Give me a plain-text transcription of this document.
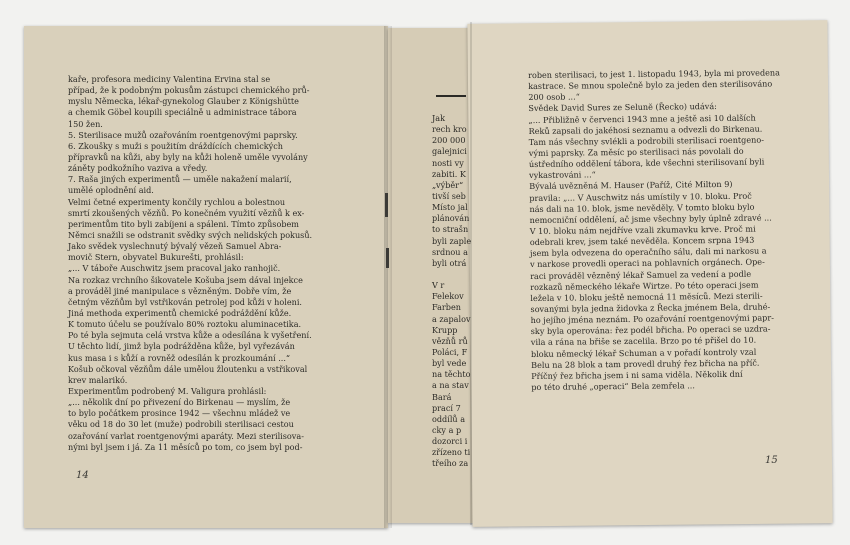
kaře, profesora mediciny Valentina Ervina stal se
případ, že k podobným pokusům zástupci chemického prů-
myslu Německa, lékař-gynekolog Glauber z Königshütte
a chemik Göbel koupili speciálně u administrace tábora
150 žen.
5. Sterilisace mužů ozařováním roentgenovými paprsky.
6. Zkoušky s muži s použitím dráždících chemických
přípravků na kůži, aby byly na kůži holeně uměle vyvolány
záněty podkožního vaziva a vředy.
7. Raša jiných experimentů — uměle nakažení malarií,
umělé oplodnění aid.
Velmi četné experimenty končily rychlou a bolestnou
smrtí zkoušených vězňů. Po konečném využití vězňů k ex-
perimentům tito byli zabíjeni a spáleni. Tímto způsobem
Němci snažili se odstranit svědky svých nelidských pokusů.
Jako svědek vyslechnutý bývalý vězeň Samuel Abra-
movič Stern, obyvatel Bukurešti, prohlásil:
„... V táboře Auschwitz jsem pracoval jako ranhojič.
Na rozkaz vrchního šikovatele Košuba jsem dával injekce
a prováděl jiné manipulace s vězněným. Dobře vím, že
četným vězňům byl vstřikován petrolej pod kůži v holeni.
Jiná methoda experimentů chemické podráždění kůže.
K tomuto účelu se používalo 80% roztoku aluminacetika.
Po té byla sejmuta celá vrstva kůže a odesílána k vyšetření.
U těchto lidí, jimž byla podrážděna kůže, byl vyřezáván
kus masa i s kůží a rovněž odesílán k prozkoumání ...“
Košub očkoval vězňům dále umělou žloutenku a vstřikoval
krev malarikó.
Experimentům podrobený M. Valigura prohlásil:
„... několik dní po přivezení do Birkenau — myslím, že
to bylo počátkem prosince 1942 — všechnu mládež ve
věku od 18 do 30 let (muže) podrobili sterilisaci cestou
ozařování varlat roentgenovými aparáty. Mezi sterilisova-
nými byl jsem i já. Za 11 měsíců po tom, co jsem byl pod-
Jak
rech kro
200 000
galejnici
nosti vy
zabiti. K
„výběr“
tivší seb
Místo jal
plánován
to strašn
byli zaple
srdnou a
byli otrá
V r
Felekov
Farben
a zapalov
Krupp
vězňů rů
Poláci, F
byl vede
na těchto
a na stav
Bará
prací 7
oddílů a
cky a p
dozorci i
zřízeno ti
třeího za
roben sterilisaci, to jest 1. listopadu 1943, byla mi provedena
kastrace. Se mnou společně bylo za jeden den sterilisováno
200 osob ...“
Svědek David Sures ze Selunĕ (Řecko) udává:
„... Přibližně v červenci 1943 mne a ještě asi 10 dalších
Reků zapsali do jakéhosi seznamu a odvezli do Birkenau.
Tam nás všechny svlékli a podrobili sterilisaci roentgeno-
vými paprsky. Za měsíc po sterilisaci nás povolali do
ústředního oddělení tábora, kde všechni sterilisovaní byli
vykastrováni ...“
Bývalá uvězněná M. Hauser (Paříž, Cité Milton 9)
pravila: „... V Auschwitz nás umístily v 10. bloku. Proč
nás dali na 10. blok, jsme nevěděly. V tomto bloku bylo
nemocniční oddělení, ač jsme všechny byly úplně zdravé ...
V 10. bloku nám nejdříve vzali zkumavku krve. Proč mi
odebrali krev, jsem také nevěděla. Koncem srpna 1943
jsem byla odvezena do operačního sálu, dali mi narkosu a
v narkose provedli operaci na pohlavních orgánech. Ope-
raci prováděl vězněný lékař Samuel za vedení a podle
rozkazů německého lékaře Wirtze. Po této operaci jsem
ležela v 10. bloku ještě nemocná 11 měsíců. Mezi sterili-
sovanými byla jedna židovka z Řecka jménem Bela, druhé-
ho jejího jména neznám. Po ozařování roentgenovými papr-
sky byla operována: řez podél břicha. Po operaci se uzdra-
vila a rána na břiše se zacelila. Brzo po té přišel do 10.
bloku německý lékař Schuman a v pořadí kontroly vzal
Belu na 28 blok a tam provedl druhý řez břicha na příč.
Příčný řez břicha jsem i ni sama viděla. Několik dní
po této druhé „operaci“ Bela zemřela ...
14
15
